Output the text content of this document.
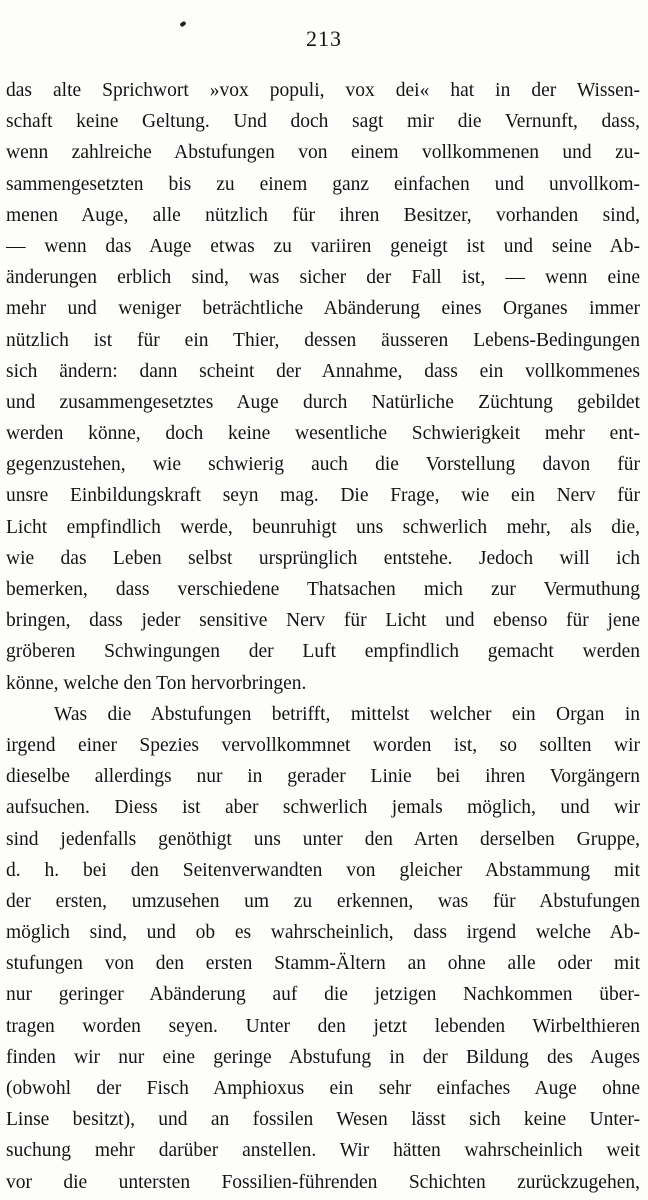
213
das alte Sprichwort »vox populi, vox dei« hat in der Wissen-
schaft keine Geltung. Und doch sagt mir die Vernunft, dass,
wenn zahlreiche Abstufungen von einem vollkommenen und zu-
sammengesetzten bis zu einem ganz einfachen und unvollkom-
menen Auge, alle nützlich für ihren Besitzer, vorhanden sind,
— wenn das Auge etwas zu variiren geneigt ist und seine Ab-
änderungen erblich sind, was sicher der Fall ist, — wenn eine
mehr und weniger beträchtliche Abänderung eines Organes immer
nützlich ist für ein Thier, dessen äusseren Lebens-Bedingungen
sich ändern: dann scheint der Annahme, dass ein vollkommenes
und zusammengesetztes Auge durch Natürliche Züchtung gebildet
werden könne, doch keine wesentliche Schwierigkeit mehr ent-
gegenzustehen, wie schwierig auch die Vorstellung davon für
unsre Einbildungskraft seyn mag. Die Frage, wie ein Nerv für
Licht empfindlich werde, beunruhigt uns schwerlich mehr, als die,
wie das Leben selbst ursprünglich entstehe. Jedoch will ich
bemerken, dass verschiedene Thatsachen mich zur Vermuthung
bringen, dass jeder sensitive Nerv für Licht und ebenso für jene
gröberen Schwingungen der Luft empfindlich gemacht werden
könne, welche den Ton hervorbringen.
Was die Abstufungen betrifft, mittelst welcher ein Organ in
irgend einer Spezies vervollkommnet worden ist, so sollten wir
dieselbe allerdings nur in gerader Linie bei ihren Vorgängern
aufsuchen. Diess ist aber schwerlich jemals möglich, und wir
sind jedenfalls genöthigt uns unter den Arten derselben Gruppe,
d. h. bei den Seitenverwandten von gleicher Abstammung mit
der ersten, umzusehen um zu erkennen, was für Abstufungen
möglich sind, und ob es wahrscheinlich, dass irgend welche Ab-
stufungen von den ersten Stamm-Ältern an ohne alle oder mit
nur geringer Abänderung auf die jetzigen Nachkommen über-
tragen worden seyen. Unter den jetzt lebenden Wirbelthieren
finden wir nur eine geringe Abstufung in der Bildung des Auges
(obwohl der Fisch Amphioxus ein sehr einfaches Auge ohne
Linse besitzt), und an fossilen Wesen lässt sich keine Unter-
suchung mehr darüber anstellen. Wir hätten wahrscheinlich weit
vor die untersten Fossilien-führenden Schichten zurückzugehen,
